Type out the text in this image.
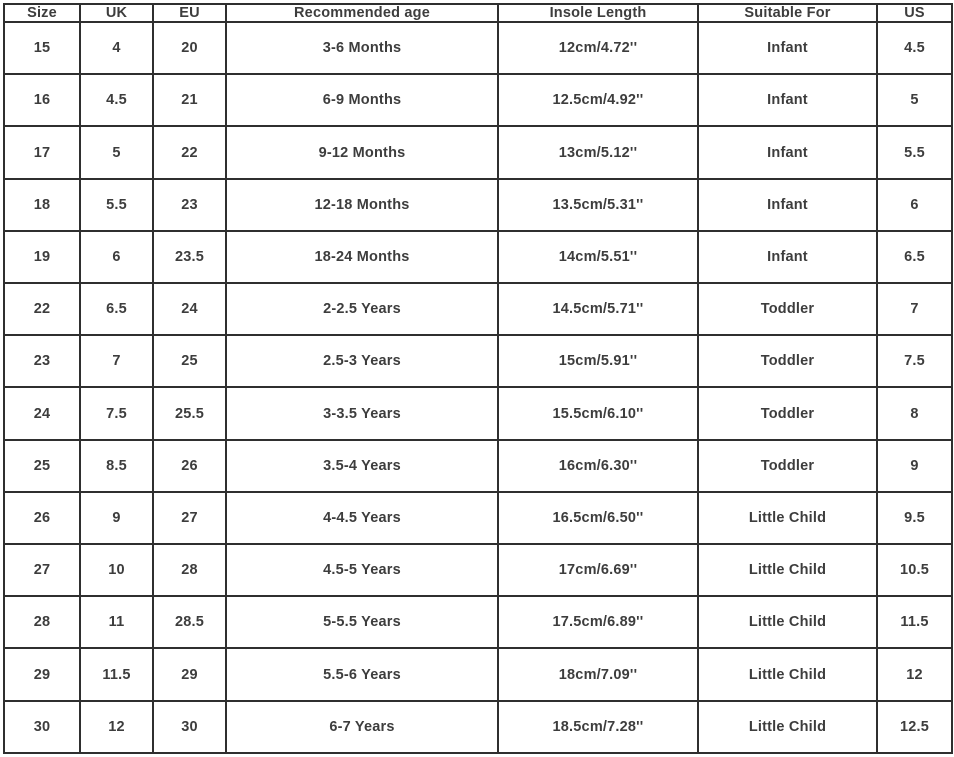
Size	UK	EU	Recommended age	Insole Length	Suitable For	US
15	4	20	3-6 Months	12cm/4.72''	Infant	4.5
16	4.5	21	6-9 Months	12.5cm/4.92''	Infant	5
17	5	22	9-12 Months	13cm/5.12''	Infant	5.5
18	5.5	23	12-18 Months	13.5cm/5.31''	Infant	6
19	6	23.5	18-24 Months	14cm/5.51''	Infant	6.5
22	6.5	24	2-2.5 Years	14.5cm/5.71''	Toddler	7
23	7	25	2.5-3 Years	15cm/5.91''	Toddler	7.5
24	7.5	25.5	3-3.5 Years	15.5cm/6.10''	Toddler	8
25	8.5	26	3.5-4 Years	16cm/6.30''	Toddler	9
26	9	27	4-4.5 Years	16.5cm/6.50''	Little Child	9.5
27	10	28	4.5-5 Years	17cm/6.69''	Little Child	10.5
28	11	28.5	5-5.5 Years	17.5cm/6.89''	Little Child	11.5
29	11.5	29	5.5-6 Years	18cm/7.09''	Little Child	12
30	12	30	6-7 Years	18.5cm/7.28''	Little Child	12.5
